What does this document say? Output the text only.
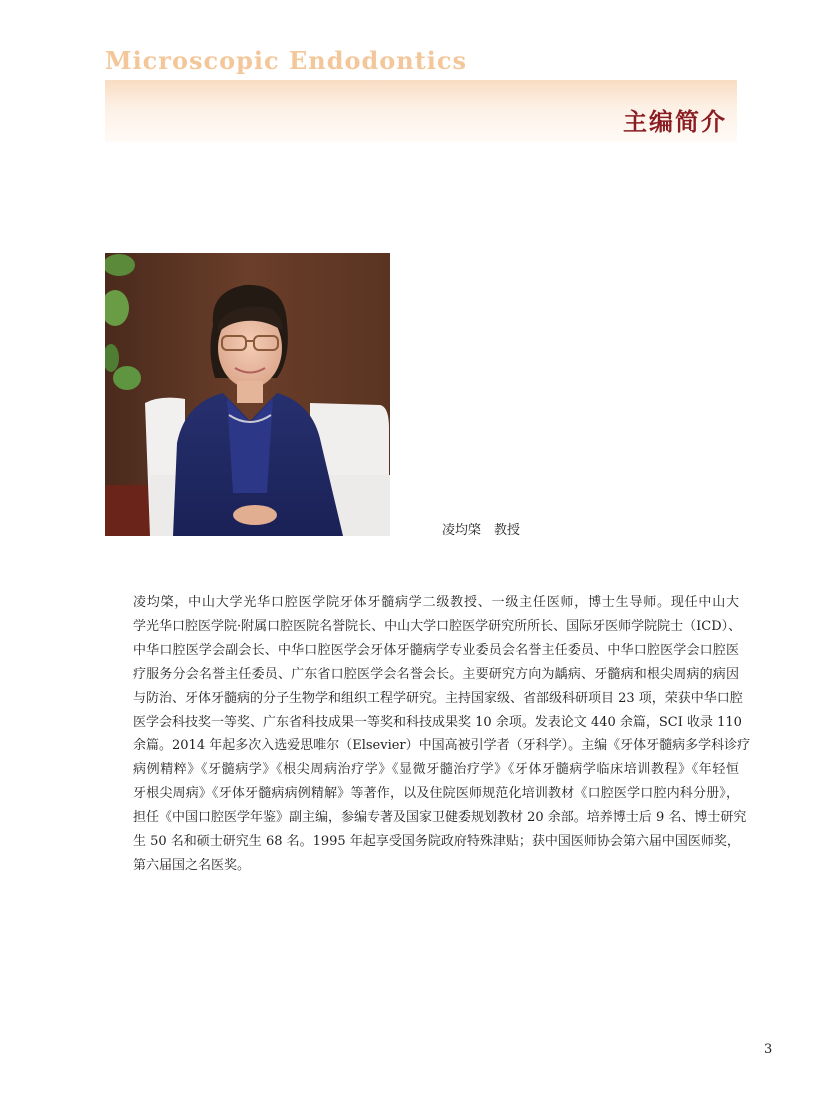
Microscopic Endodontics
主编简介
凌均棨　教授
凌均棨，中山大学光华口腔医学院牙体牙髓病学二级教授、一级主任医师，博士生导师。现任中山大
学光华口腔医学院·附属口腔医院名誉院长、中山大学口腔医学研究所所长、国际牙医师学院院士（ICD）、
中华口腔医学会副会长、中华口腔医学会牙体牙髓病学专业委员会名誉主任委员、中华口腔医学会口腔医
疗服务分会名誉主任委员、广东省口腔医学会名誉会长。主要研究方向为龋病、牙髓病和根尖周病的病因
与防治、牙体牙髓病的分子生物学和组织工程学研究。主持国家级、省部级科研项目 23 项，荣获中华口腔
医学会科技奖一等奖、广东省科技成果一等奖和科技成果奖 10 余项。发表论文 440 余篇，SCI 收录 110
余篇。2014 年起多次入选爱思唯尔（Elsevier）中国高被引学者（牙科学）。主编《牙体牙髓病多学科诊疗
病例精粹》《牙髓病学》《根尖周病治疗学》《显微牙髓治疗学》《牙体牙髓病学临床培训教程》《年轻恒
牙根尖周病》《牙体牙髓病病例精解》等著作，以及住院医师规范化培训教材《口腔医学口腔内科分册》，
担任《中国口腔医学年鉴》副主编，参编专著及国家卫健委规划教材 20 余部。培养博士后 9 名、博士研究
生 50 名和硕士研究生 68 名。1995 年起享受国务院政府特殊津贴；获中国医师协会第六届中国医师奖，
第六届国之名医奖。
3
